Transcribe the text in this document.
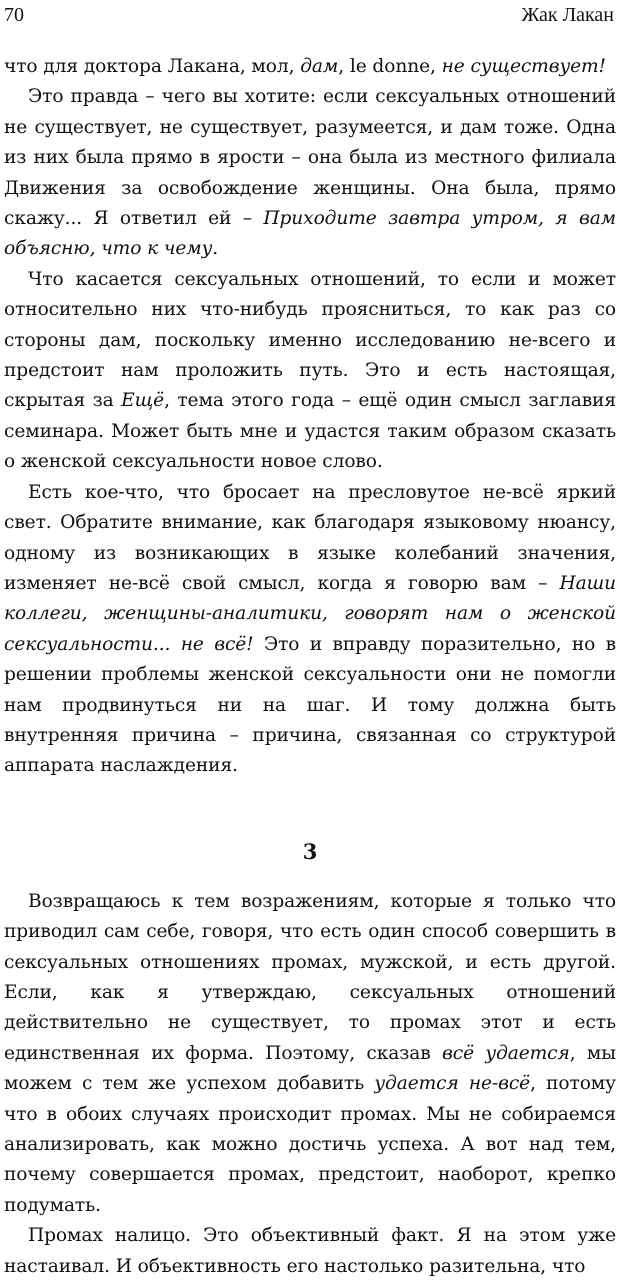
70	Жак Лакан

что для доктора Лакана, мол, дам, le donne, не существует!

Это правда – чего вы хотите: если сексуальных отношений не существует, не существует, разумеется, и дам тоже. Одна из них была прямо в ярости – она была из местного филиала Движения за освобождение женщины. Она была, прямо скажу... Я ответил ей – Приходите завтра утром, я вам объясню, что к чему.

Что касается сексуальных отношений, то если и может относительно них что-нибудь проясниться, то как раз со стороны дам, поскольку именно исследованию не-всего и предстоит нам проложить путь. Это и есть настоящая, скрытая за Ещё, тема этого года – ещё один смысл заглавия семинара. Может быть мне и удастся таким образом сказать о женской сексуальности новое слово.

Есть кое-что, что бросает на пресловутое не-всё яркий свет. Обратите внимание, как благодаря языковому нюансу, одному из возникающих в языке колебаний значения, изменяет не-всё свой смысл, когда я говорю вам – Наши коллеги, женщины-аналитики, говорят нам о женской сексуальности... не всё! Это и вправду поразительно, но в решении проблемы женской сексуальности они не помогли нам продвинуться ни на шаг. И тому должна быть внутренняя причина – причина, связанная со структурой аппарата наслаждения.

3

Возвращаюсь к тем возражениям, которые я только что приводил сам себе, говоря, что есть один способ совершить в сексуальных отношениях промах, мужской, и есть другой. Если, как я утверждаю, сексуальных отношений действительно не существует, то промах этот и есть единственная их форма. Поэтому, сказав всё удается, мы можем с тем же успехом добавить удается не-всё, потому что в обоих случаях происходит промах. Мы не собираемся анализировать, как можно достичь успеха. А вот над тем, почему совершается промах, предстоит, наоборот, крепко подумать.

Промах налицо. Это объективный факт. Я на этом уже настаивал. И объективность его настолько разительна, что
